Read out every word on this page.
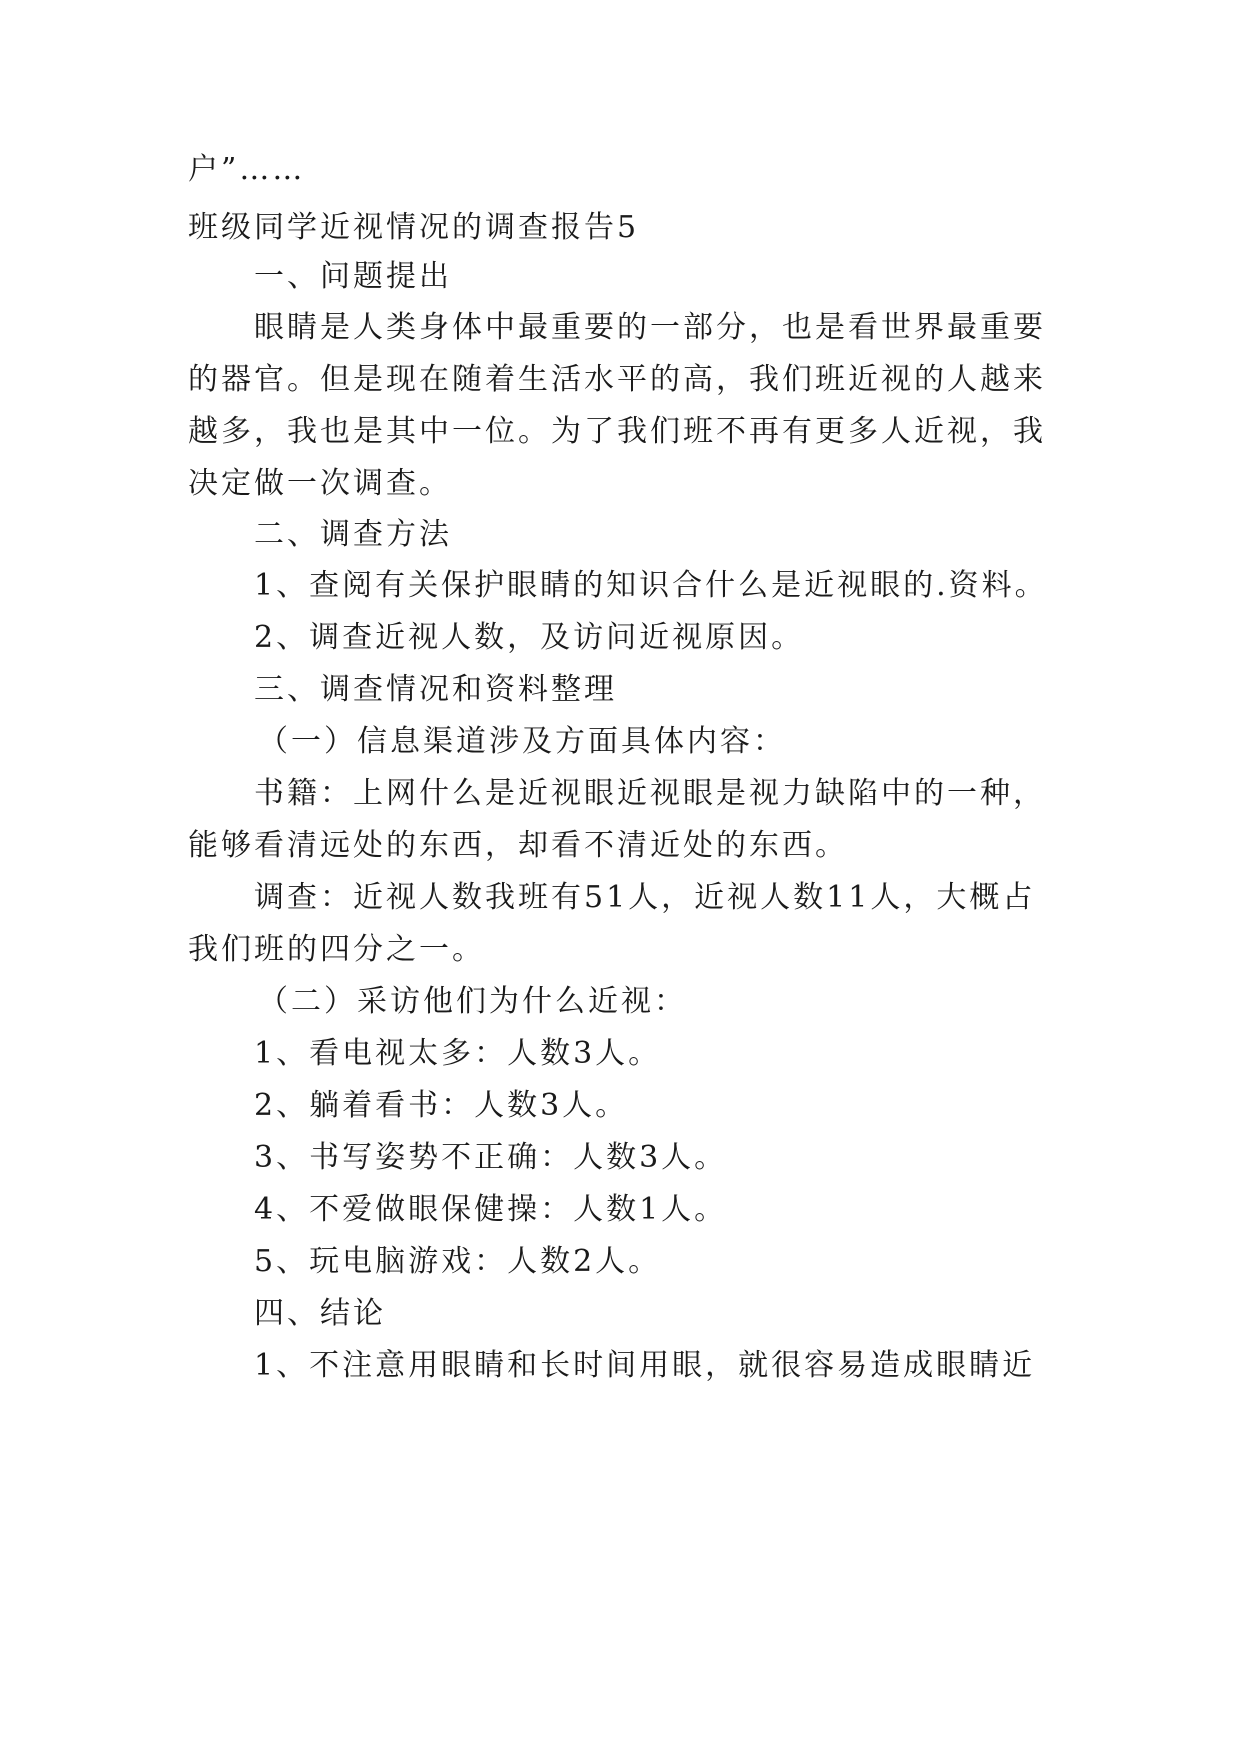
户”……
班级同学近视情况的调查报告5
一、问题提出
眼睛是人类身体中最重要的一部分，也是看世界最重要
的器官。但是现在随着生活水平的高，我们班近视的人越来
越多，我也是其中一位。为了我们班不再有更多人近视，我
决定做一次调查。
二、调查方法
1、查阅有关保护眼睛的知识合什么是近视眼的.资料。
2、调查近视人数，及访问近视原因。
三、调查情况和资料整理
（一）信息渠道涉及方面具体内容：
书籍：上网什么是近视眼近视眼是视力缺陷中的一种，
能够看清远处的东西，却看不清近处的东西。
调查：近视人数我班有51人，近视人数11人，大概占
我们班的四分之一。
（二）采访他们为什么近视：
1、看电视太多：人数3人。
2、躺着看书：人数3人。
3、书写姿势不正确：人数3人。
4、不爱做眼保健操：人数1人。
5、玩电脑游戏：人数2人。
四、结论
1、不注意用眼睛和长时间用眼，就很容易造成眼睛近
